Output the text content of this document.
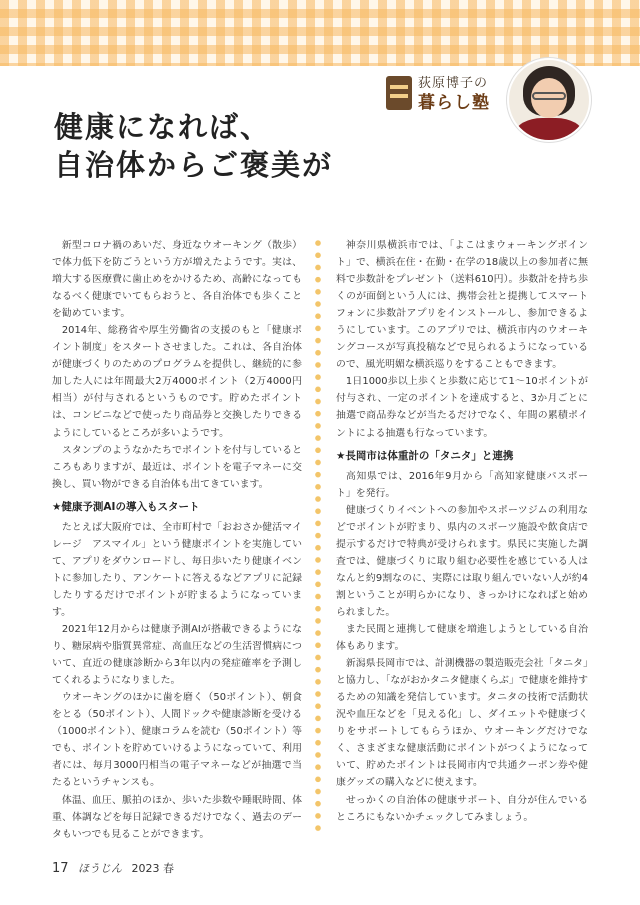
荻原博子の
暮らし塾
健康になれば、
自治体からご褒美が

新型コロナ禍のあいだ、身近なウオーキング（散歩）で体力低下を防ごうという方が増えたようです。実は、増大する医療費に歯止めをかけるため、高齢になってもなるべく健康でいてもらおうと、各自治体でも歩くことを勧めています。

2014年、総務省や厚生労働省の支援のもと「健康ポイント制度」をスタートさせました。これは、各自治体が健康づくりのためのプログラムを提供し、継続的に参加した人には年間最大2万4000ポイント（2万4000円相当）が付与されるというものです。貯めたポイントは、コンビニなどで使ったり商品券と交換したりできるようにしているところが多いようです。

スタンプのようなかたちでポイントを付与しているところもありますが、最近は、ポイントを電子マネーに交換し、買い物ができる自治体も出てきています。

★健康予測AIの導入もスタート

たとえば大阪府では、全市町村で「おおさか健活マイレージ　アスマイル」という健康ポイントを実施していて、アプリをダウンロードし、毎日歩いたり健康イベントに参加したり、アンケートに答えるなどアプリに記録したりするだけでポイントが貯まるようになっています。

2021年12月からは健康予測AIが搭載できるようになり、糖尿病や脂質異常症、高血圧などの生活習慣病について、直近の健康診断から3年以内の発症確率を予測してくれるようになりました。

ウオーキングのほかに歯を磨く（50ポイント）、朝食をとる（50ポイント）、人間ドックや健康診断を受ける（1000ポイント）、健康コラムを読む（50ポイント）等でも、ポイントを貯めていけるようになっていて、利用者には、毎月3000円相当の電子マネーなどが抽選で当たるというチャンスも。

体温、血圧、脈拍のほか、歩いた歩数や睡眠時間、体重、体調などを毎日記録できるだけでなく、過去のデータもいつでも見ることができます。

神奈川県横浜市では、「よこはまウォーキングポイント」で、横浜在住・在勤・在学の18歳以上の参加者に無料で歩数計をプレゼント（送料610円）。歩数計を持ち歩くのが面倒という人には、携帯会社と提携してスマートフォンに歩数計アプリをインストールし、参加できるようにしています。このアプリでは、横浜市内のウオーキングコースが写真投稿などで見られるようになっているので、風光明媚な横浜巡りをすることもできます。

1日1000歩以上歩くと歩数に応じて1～10ポイントが付与され、一定のポイントを達成すると、3か月ごとに抽選で商品券などが当たるだけでなく、年間の累積ポイントによる抽選も行なっています。

★長岡市は体重計の「タニタ」と連携

高知県では、2016年9月から「高知家健康パスポート」を発行。

健康づくりイベントへの参加やスポーツジムの利用などでポイントが貯まり、県内のスポーツ施設や飲食店で提示するだけで特典が受けられます。県民に実施した調査では、健康づくりに取り組む必要性を感じている人はなんと約9割なのに、実際には取り組んでいない人が約4割ということが明らかになり、きっかけになればと始められました。

また民間と連携して健康を増進しようとしている自治体もあります。

新潟県長岡市では、計測機器の製造販売会社「タニタ」と協力し、「ながおかタニタ健康くらぶ」で健康を維持するための知識を発信しています。タニタの技術で活動状況や血圧などを「見える化」し、ダイエットや健康づくりをサポートしてもらうほか、ウオーキングだけでなく、さまざまな健康活動にポイントがつくようになっていて、貯めたポイントは長岡市内で共通クーポン券や健康グッズの購入などに使えます。

せっかくの自治体の健康サポート、自分が住んでいるところにもないかチェックしてみましょう。

17 ほうじん 2023 春
